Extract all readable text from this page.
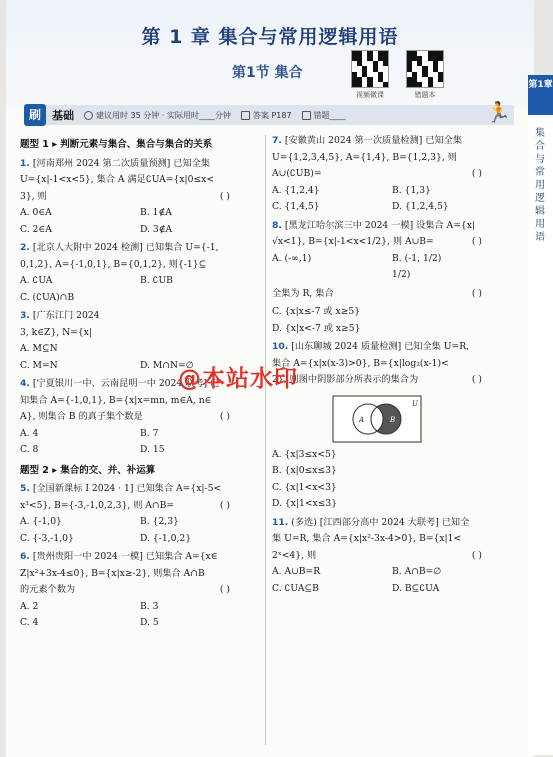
第 1 章 集合与常用逻辑用语
第1节 集合
视频微课	错题本
刷	基础	建议用时 35 分钟 · 实际用时____分钟	答案 P187	错题____	🏃
题型 1 ▸ 判断元素与集合、集合与集合的关系
1. [河南郑州 2024 第二次质量预测] 已知全集
U={x|-1<x<5}, 集合 A 满足∁UA={x|0≤x<
3}, 则	( )
A. 0∈A	B. 1∉A
C. 2∈A	D. 3∉A
2. [北京人大附中 2024 检测] 已知集合 U={-1,
0,1,2}, A={-1,0,1}, B={0,1,2}, 则{-1}⊆
A. ∁UA	B. ∁UB
C. (∁UA)∩B
3. [广东江门 2024
3, k∈Z}, N={x|
A. M⊆N
C. M=N	D. M∩N=∅
4. [宁夏银川一中、云南昆明一中 2024 联考] 已
知集合 A={-1,0,1}, B={x|x=mn, m∈A, n∈
A}, 则集合 B 的真子集个数是	( )
A. 4	B. 7
C. 8	D. 15
题型 2 ▸ 集合的交、并、补运算
5. [全国新课标 I 2024 · 1] 已知集合 A={x|-5<
x³<5}, B={-3,-1,0,2,3}, 则 A∩B=	( )
A. {-1,0}	B. {2,3}
C. {-3,-1,0}	D. {-1,0,2}
6. [贵州贵阳一中 2024 一模] 已知集合 A={x∈
Z|x²+3x-4≤0}, B={x|x≥-2}, 则集合 A∩B
的元素个数为	( )
A. 2	B. 3
C. 4	D. 5
7. [安徽黄山 2024 第一次质量检测] 已知全集
U={1,2,3,4,5}, A={1,4}, B={1,2,3}, 则
A∪(∁UB)=	( )
A. {1,2,4}	B. {1,3}
C. {1,4,5}	D. {1,2,4,5}
8. [黑龙江哈尔滨三中 2024 一模] 设集合 A={x|
√x<1}, B={x|-1<x<1/2}, 则 A∪B=	( )
A. (-∞,1)	B. (-1, 1/2)
1/2)
全集为 R, 集合	( )
C. {x|x≤-7 或 x≥5}
D. {x|x<-7 或 x≥5}
10. [山东聊城 2024 质量检测] 已知全集 U=R,
集合 A={x|x(x-3)>0}, B={x|log₂(x-1)<
2}, 则图中阴影部分所表示的集合为	( )
A	B
U
A. {x|3≤x<5}
B. {x|0≤x≤3}
C. {x|1<x<3}
D. {x|1<x≤3}
11. (多选) [江西部分高中 2024 大联考] 已知全
集 U=R, 集合 A={x|x²-3x-4>0}, B={x|1<
2ˣ<4}, 则	( )
A. A∪B=R	B. A∩B=∅
C. ∁UA⊆B	D. B⊆∁UA
@本站水印
第1章
集合与常用逻辑用语
